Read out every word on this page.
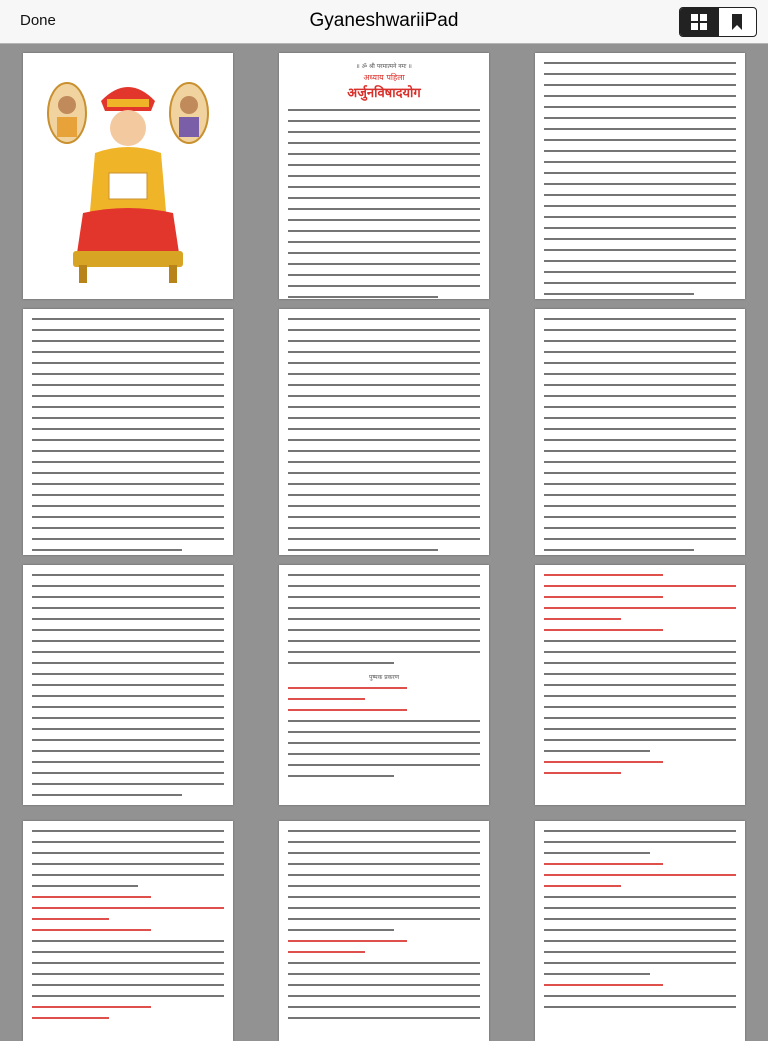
Done	GyaneshwariiPad
॥ ॐ श्री परमात्मने नमः ॥
अध्याय पहिला
अर्जुनविषादयोग
पुष्पक प्रकरण
